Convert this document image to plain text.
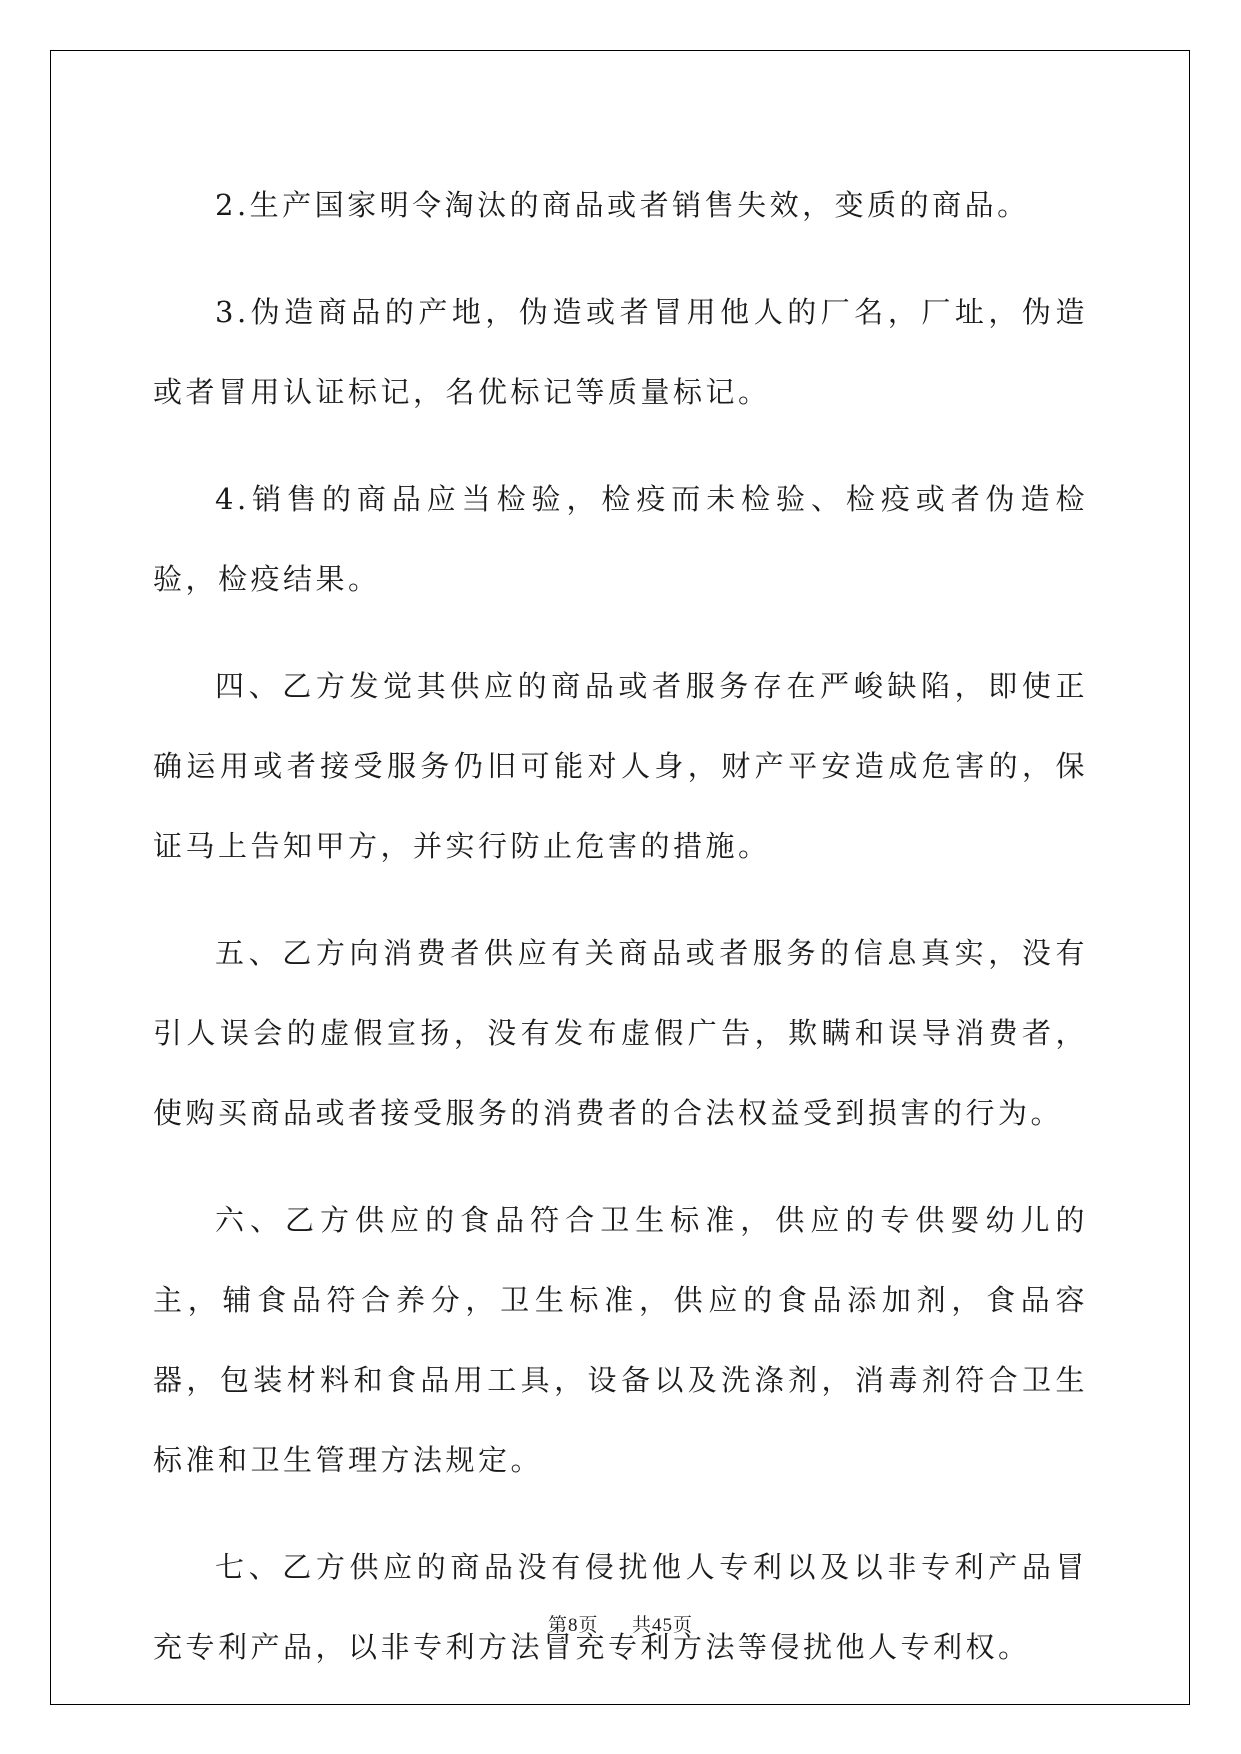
2.生产国家明令淘汰的商品或者销售失效，变质的商品。

3.伪造商品的产地，伪造或者冒用他人的厂名，厂址，伪造或者冒用认证标记，名优标记等质量标记。

4.销售的商品应当检验，检疫而未检验、检疫或者伪造检验，检疫结果。

四、乙方发觉其供应的商品或者服务存在严峻缺陷，即使正确运用或者接受服务仍旧可能对人身，财产平安造成危害的，保证马上告知甲方，并实行防止危害的措施。

五、乙方向消费者供应有关商品或者服务的信息真实，没有引人误会的虚假宣扬，没有发布虚假广告，欺瞒和误导消费者，使购买商品或者接受服务的消费者的合法权益受到损害的行为。

六、乙方供应的食品符合卫生标准，供应的专供婴幼儿的主，辅食品符合养分，卫生标准，供应的食品添加剂，食品容器，包装材料和食品用工具，设备以及洗涤剂，消毒剂符合卫生标准和卫生管理方法规定。

七、乙方供应的商品没有侵扰他人专利以及以非专利产品冒充专利产品，以非专利方法冒充专利方法等侵扰他人专利权。

第8页 共45页
